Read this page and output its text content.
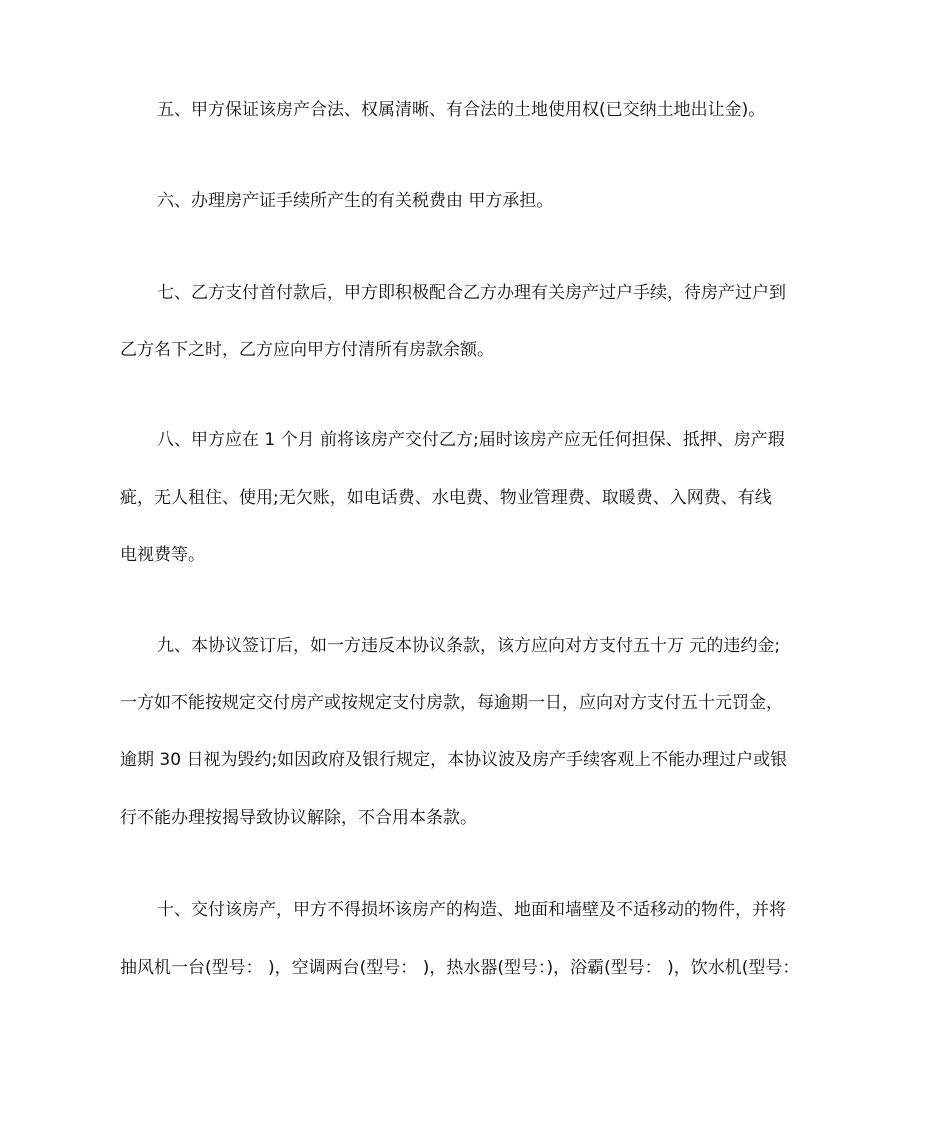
五、甲方保证该房产合法、权属清晰、有合法的土地使用权(已交纳土地出让金)。
六、办理房产证手续所产生的有关税费由 甲方承担。
七、乙方支付首付款后，甲方即积极配合乙方办理有关房产过户手续，待房产过户到
乙方名下之时，乙方应向甲方付清所有房款余额。
八、甲方应在 1 个月 前将该房产交付乙方;届时该房产应无任何担保、抵押、房产瑕
疵，无人租住、使用;无欠账，如电话费、水电费、物业管理费、取暖费、入网费、有线
电视费等。
九、本协议签订后，如一方违反本协议条款，该方应向对方支付五十万 元的违约金;
一方如不能按规定交付房产或按规定支付房款，每逾期一日，应向对方支付五十元罚金，
逾期 30 日视为毁约;如因政府及银行规定，本协议波及房产手续客观上不能办理过户或银
行不能办理按揭导致协议解除，不合用本条款。
十、交付该房产，甲方不得损坏该房产的构造、地面和墙壁及不适移动的物件，并将
抽风机一台(型号： )，空调两台(型号： )，热水器(型号：)，浴霸(型号： )，饮水机(型号：
